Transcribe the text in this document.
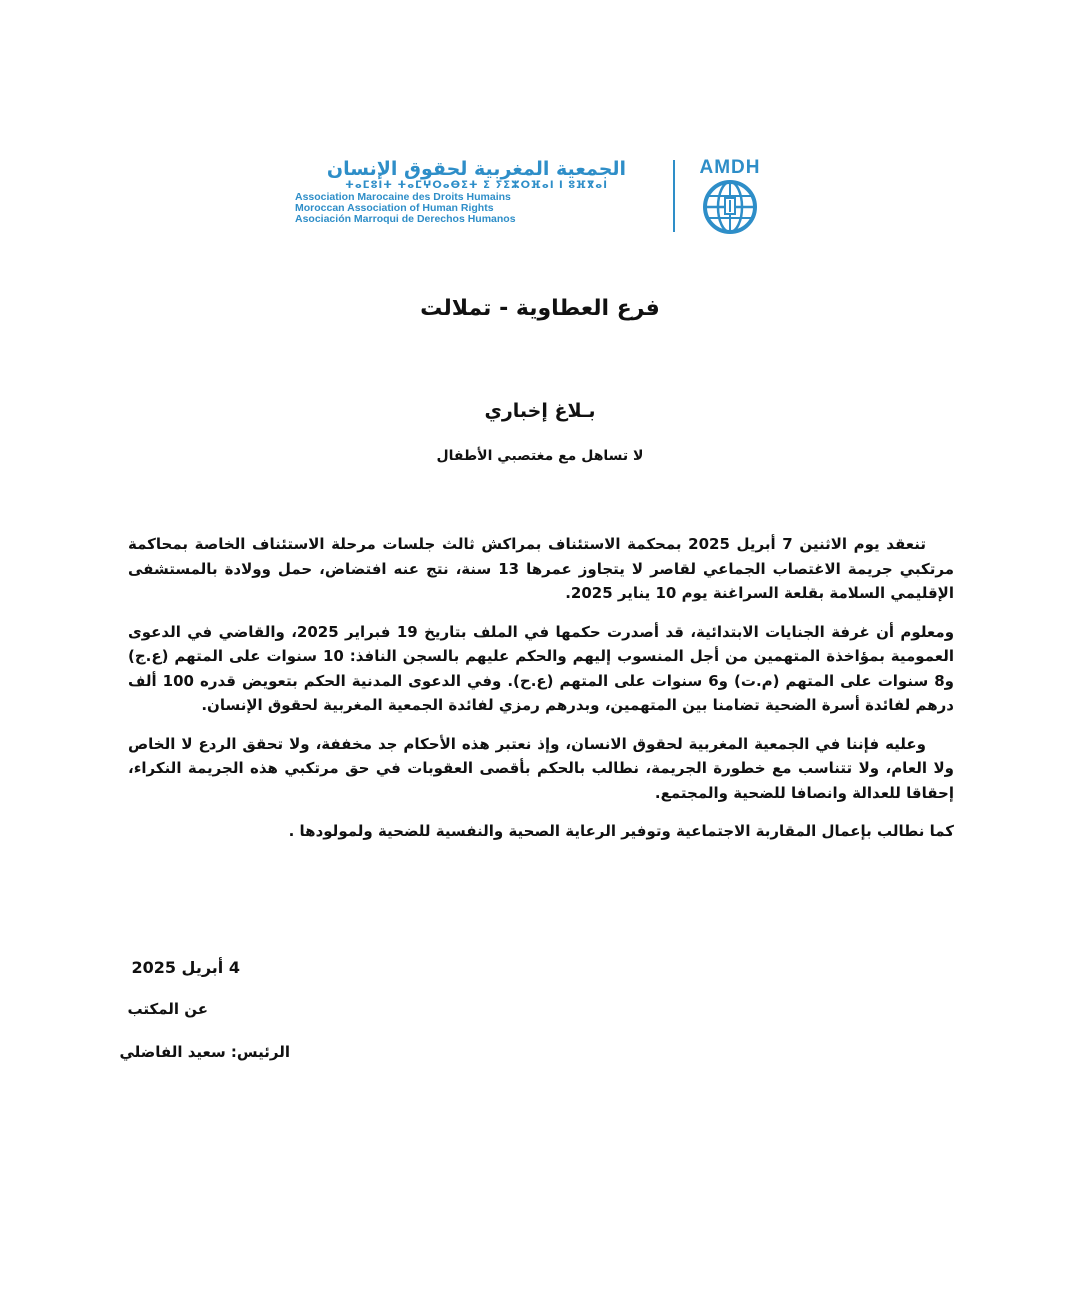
الجمعية المغربية لحقوق الإنسان
ⵜⴰⵎⵓⵏⵜ ⵜⴰⵎⵖⵔⴰⴱⵉⵜ ⵉ ⵢⵉⵣⵔⴼⴰⵏ ⵏ ⵓⴼⴳⴰⵏ
Association Marocaine des Droits Humains
Moroccan Association of Human Rights
Asociación Marroqui de Derechos Humanos
AMDH
فرع العطاوية - تملالت
بـلاغ إخباري
لا تساهل مع مغتصبي الأطفال

تنعقد يوم الاثنين 7 أبريل 2025 بمحكمة الاستئناف بمراكش ثالث جلسات مرحلة الاستئناف الخاصة بمحاكمة مرتكبي جريمة الاغتصاب الجماعي لقاصر لا يتجاوز عمرها 13 سنة، نتج عنه افتضاض، حمل وولادة بالمستشفى الإقليمي السلامة بقلعة السراغنة يوم 10 يناير 2025.

ومعلوم أن غرفة الجنايات الابتدائية، قد أصدرت حكمها في الملف بتاريخ 19 فبراير 2025، والقاضي في الدعوى العمومية بمؤاخذة المتهمين من أجل المنسوب إليهم والحكم عليهم بالسجن النافذ: 10 سنوات على المتهم (ع.ج) و8 سنوات على المتهم (م.ت) و6 سنوات على المتهم (ع.ح). وفي الدعوى المدنية الحكم بتعويض قدره 100 ألف درهم لفائدة أسرة الضحية تضامنا بين المتهمين، وبدرهم رمزي لفائدة الجمعية المغربية لحقوق الإنسان.

وعليه فإننا في الجمعية المغربية لحقوق الانسان، وإذ نعتبر هذه الأحكام جد مخففة، ولا تحقق الردع لا الخاص ولا العام، ولا تتناسب مع خطورة الجريمة، نطالب بالحكم بأقصى العقوبات في حق مرتكبي هذه الجريمة النكراء، إحقاقا للعدالة وانصافا للضحية والمجتمع.

كما نطالب بإعمال المقاربة الاجتماعية وتوفير الرعاية الصحية والنفسية للضحية ولمولودها .

4 أبريل 2025
عن المكتب
الرئيس: سعيد الفاضلي
